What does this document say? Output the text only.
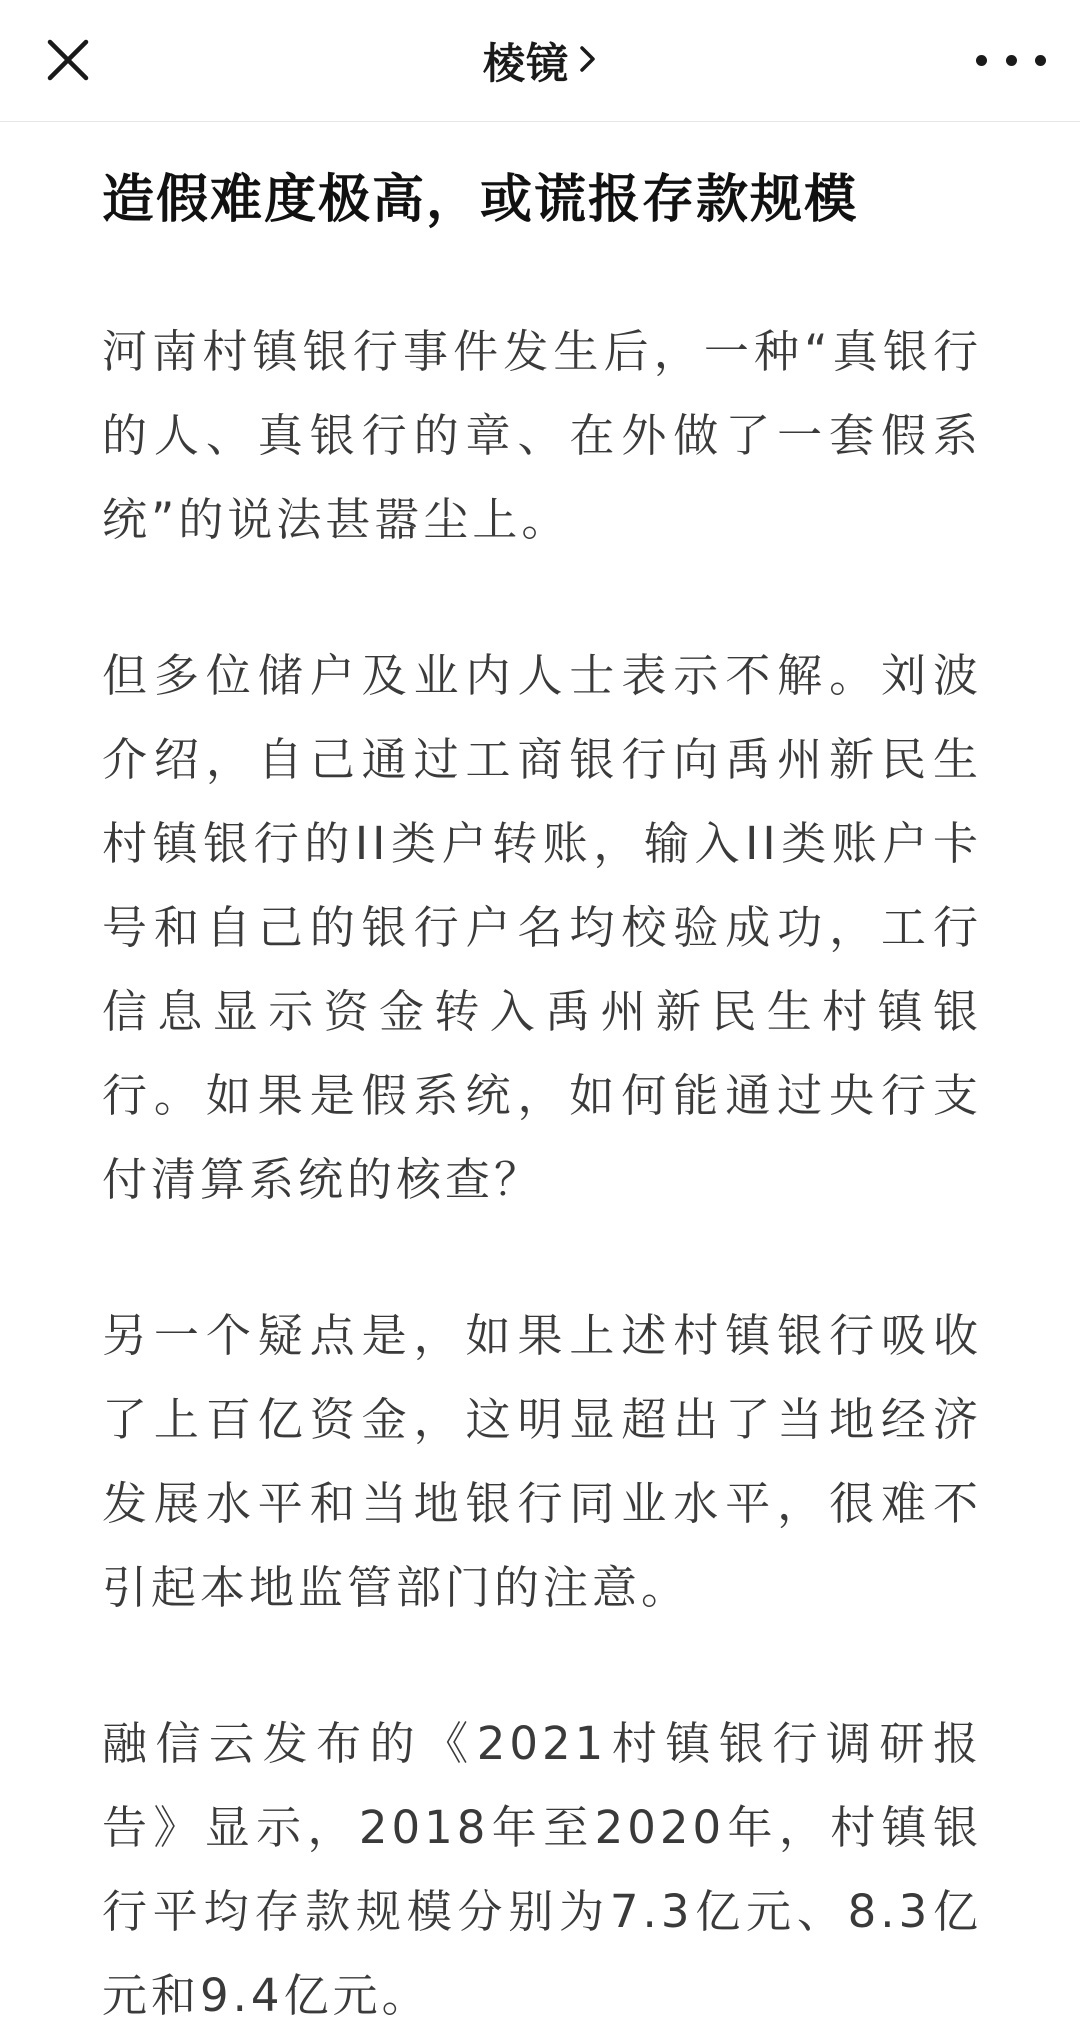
棱镜
造假难度极高，或谎报存款规模

河南村镇银行事件发生后，一种“真银行的人、真银行的章、在外做了一套假系统”的说法甚嚣尘上。

但多位储户及业内人士表示不解。刘波介绍，自己通过工商银行向禹州新民生村镇银行的II类户转账，输入II类账户卡号和自己的银行户名均校验成功，工行信息显示资金转入禹州新民生村镇银行。如果是假系统，如何能通过央行支付清算系统的核查？

另一个疑点是，如果上述村镇银行吸收了上百亿资金，这明显超出了当地经济发展水平和当地银行同业水平，很难不引起本地监管部门的注意。

融信云发布的《2021村镇银行调研报告》显示，2018年至2020年，村镇银行平均存款规模分别为7.3亿元、8.3亿元和9.4亿元。
